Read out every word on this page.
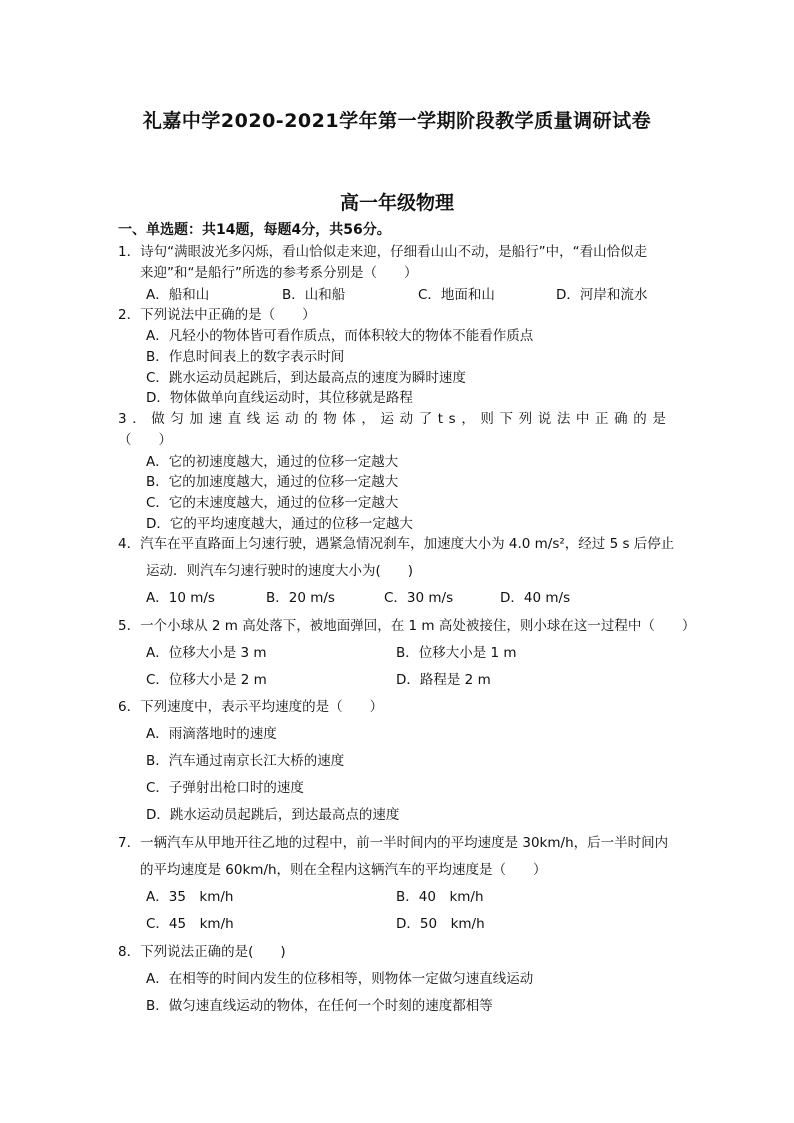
礼嘉中学2020-2021学年第一学期阶段教学质量调研试卷
高一年级物理
一、单选题：共14题，每题4分，共56分。
1．诗句“满眼波光多闪烁，看山恰似走来迎，仔细看山山不动，是船行”中，“看山恰似走
来迎”和“是船行”所选的参考系分别是（　　）
A．船和山	B．山和船	C．地面和山	D．河岸和流水
2．下列说法中正确的是（　　）
A．凡轻小的物体皆可看作质点，而体积较大的物体不能看作质点
B．作息时间表上的数字表示时间
C．跳水运动员起跳后，到达最高点的速度为瞬时速度
D．物体做单向直线运动时，其位移就是路程
3．做匀加速直线运动的物体，运动了ts，则下列说法中正确的是
（　　）
A．它的初速度越大，通过的位移一定越大
B．它的加速度越大，通过的位移一定越大
C．它的末速度越大，通过的位移一定越大
D．它的平均速度越大，通过的位移一定越大
4．汽车在平直路面上匀速行驶，遇紧急情况刹车，加速度大小为 4.0 m/s²，经过 5 s 后停止
运动．则汽车匀速行驶时的速度大小为(　　)
A．10 m/s	B．20 m/s	C．30 m/s	D．40 m/s
5．一个小球从 2 m 高处落下，被地面弹回，在 1 m 高处被接住，则小球在这一过程中（　　）
A．位移大小是 3 m	B．位移大小是 1 m
C．位移大小是 2 m	D．路程是 2 m
6．下列速度中，表示平均速度的是（　　）
A．雨滴落地时的速度
B．汽车通过南京长江大桥的速度
C．子弹射出枪口时的速度
D．跳水运动员起跳后，到达最高点的速度
7．一辆汽车从甲地开往乙地的过程中，前一半时间内的平均速度是 30km/h，后一半时间内
的平均速度是 60km/h，则在全程内这辆汽车的平均速度是（　　）
A．35　km/h	B．40　km/h
C．45　km/h	D．50　km/h
8．下列说法正确的是(　　)
A．在相等的时间内发生的位移相等，则物体一定做匀速直线运动
B．做匀速直线运动的物体，在任何一个时刻的速度都相等
